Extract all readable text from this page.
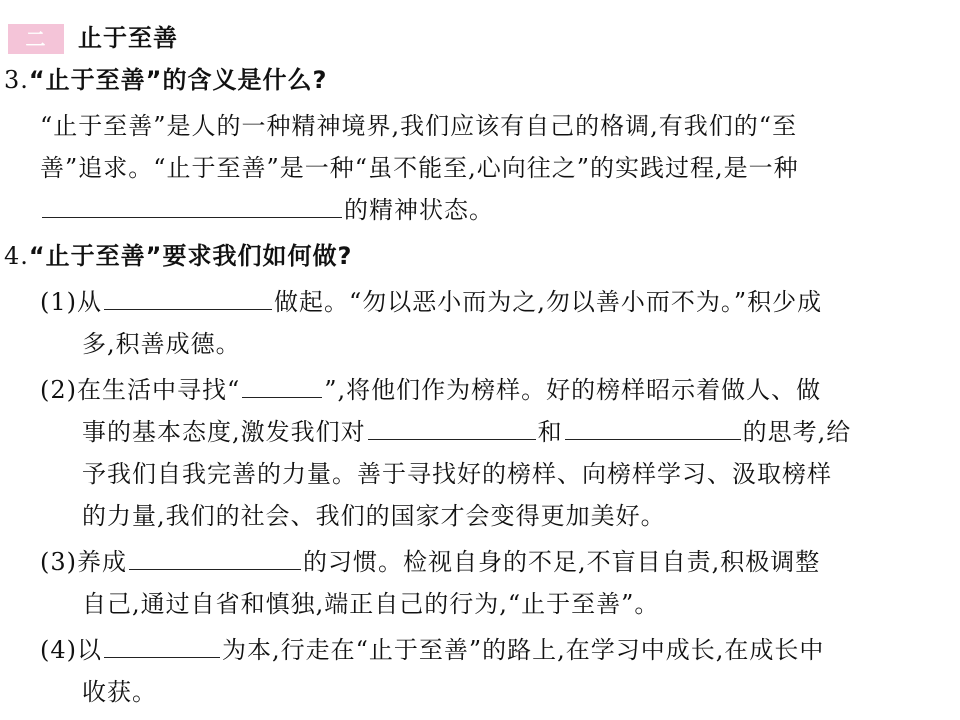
二 止于至善
3.“止于至善”的含义是什么?
“止于至善”是人的一种精神境界,我们应该有自己的格调,有我们的“至
善”追求。“止于至善”是一种“虽不能至,心向往之”的实践过程,是一种
的精神状态。
4.“止于至善”要求我们如何做?
(1)从	做起。“勿以恶小而为之,勿以善小而不为。”积少成
多,积善成德。
(2)在生活中寻找“	”,将他们作为榜样。好的榜样昭示着做人、做
事的基本态度,激发我们对	和	的思考,给
予我们自我完善的力量。善于寻找好的榜样、向榜样学习、汲取榜样
的力量,我们的社会、我们的国家才会变得更加美好。
(3)养成	的习惯。检视自身的不足,不盲目自责,积极调整
自己,通过自省和慎独,端正自己的行为,“止于至善”。
(4)以	为本,行走在“止于至善”的路上,在学习中成长,在成长中
收获。
